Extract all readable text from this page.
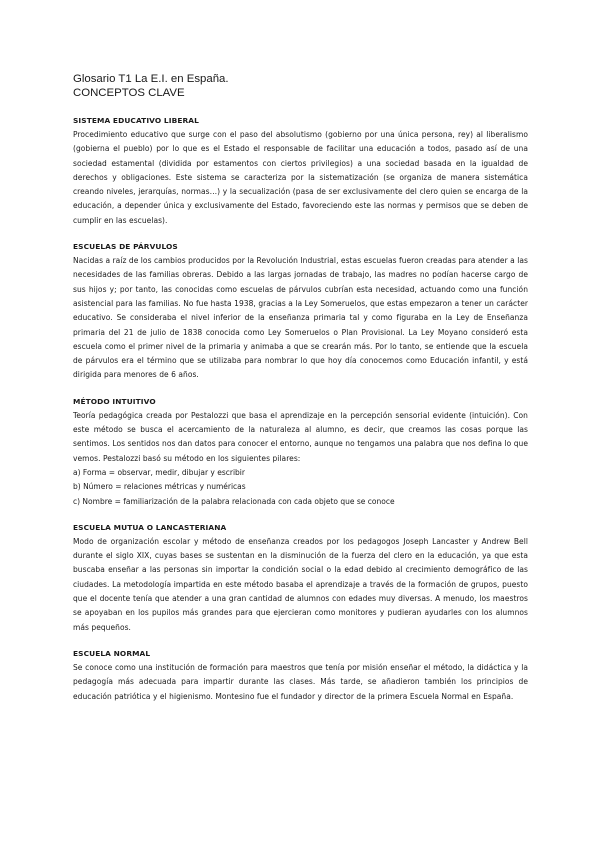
Glosario T1 La E.I. en España.

CONCEPTOS CLAVE

SISTEMA EDUCATIVO LIBERAL

Procedimiento educativo que surge con el paso del absolutismo (gobierno por una única persona, rey) al liberalismo (gobierna el pueblo) por lo que es el Estado el responsable de facilitar una educación a todos, pasado así de una sociedad estamental (dividida por estamentos con ciertos privilegios) a una sociedad basada en la igualdad de derechos y obligaciones. Este sistema se caracteriza por la sistematización (se organiza de manera sistemática creando niveles, jerarquías, normas…) y la secualización (pasa de ser exclusivamente del clero quien se encarga de la educación, a depender única y exclusivamente del Estado, favoreciendo este las normas y permisos que se deben de cumplir en las escuelas).

ESCUELAS DE PÁRVULOS

Nacidas a raíz de los cambios producidos por la Revolución Industrial, estas escuelas fueron creadas para atender a las necesidades de las familias obreras. Debido a las largas jornadas de trabajo, las madres no podían hacerse cargo de sus hijos y; por tanto, las conocidas como escuelas de párvulos cubrían esta necesidad, actuando como una función asistencial para las familias. No fue hasta 1938, gracias a la Ley Someruelos, que estas empezaron a tener un carácter educativo. Se consideraba el nivel inferior de la enseñanza primaria tal y como figuraba en la Ley de Enseñanza primaria del 21 de julio de 1838 conocida como Ley Someruelos o Plan Provisional. La Ley Moyano consideró esta escuela como el primer nivel de la primaria y animaba a que se crearán más. Por lo tanto, se entiende que la escuela de párvulos era el término que se utilizaba para nombrar lo que hoy día conocemos como Educación infantil, y está dirigida para menores de 6 años.

MÉTODO INTUITIVO

Teoría pedagógica creada por Pestalozzi que basa el aprendizaje en la percepción sensorial evidente (intuición). Con este método se busca el acercamiento de la naturaleza al alumno, es decir, que creamos las cosas porque las sentimos. Los sentidos nos dan datos para conocer el entorno, aunque no tengamos una palabra que nos defina lo que vemos. Pestalozzi basó su método en los siguientes pilares:

a) Forma = observar, medir, dibujar y escribir
b) Número = relaciones métricas y numéricas
c) Nombre = familiarización de la palabra relacionada con cada objeto que se conoce
ESCUELA MUTUA O LANCASTERIANA

Modo de organización escolar y método de enseñanza creados por los pedagogos Joseph Lancaster y Andrew Bell durante el siglo XIX, cuyas bases se sustentan en la disminución de la fuerza del clero en la educación, ya que esta buscaba enseñar a las personas sin importar la condición social o la edad debido al crecimiento demográfico de las ciudades. La metodología impartida en este método basaba el aprendizaje a través de la formación de grupos, puesto que el docente tenía que atender a una gran cantidad de alumnos con edades muy diversas. A menudo, los maestros se apoyaban en los pupilos más grandes para que ejercieran como monitores y pudieran ayudarles con los alumnos más pequeños.

ESCUELA NORMAL

Se conoce como una institución de formación para maestros que tenía por misión enseñar el método, la didáctica y la pedagogía más adecuada para impartir durante las clases. Más tarde, se añadieron también los principios de educación patriótica y el higienismo. Montesino fue el fundador y director de la primera Escuela Normal en España.
